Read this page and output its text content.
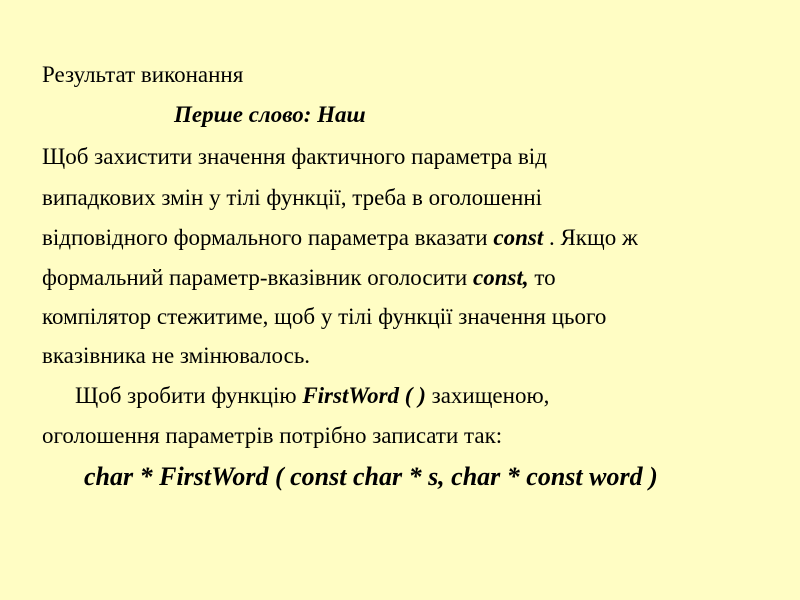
Результат виконання
Перше слово: Наш
Щоб захистити значення фактичного параметра від
випадкових змін у тілі функції, треба в оголошенні
відповідного формального параметра вказати const . Якщо ж
формальний параметр-вказівник оголосити const, то
компілятор стежитиме, щоб у тілі функції значення цього
вказівника не змінювалось.
Щоб зробити функцію FirstWord ( ) захищеною,
оголошення параметрів потрібно записати так:
char * FirstWord ( const char * s, char * const word )
